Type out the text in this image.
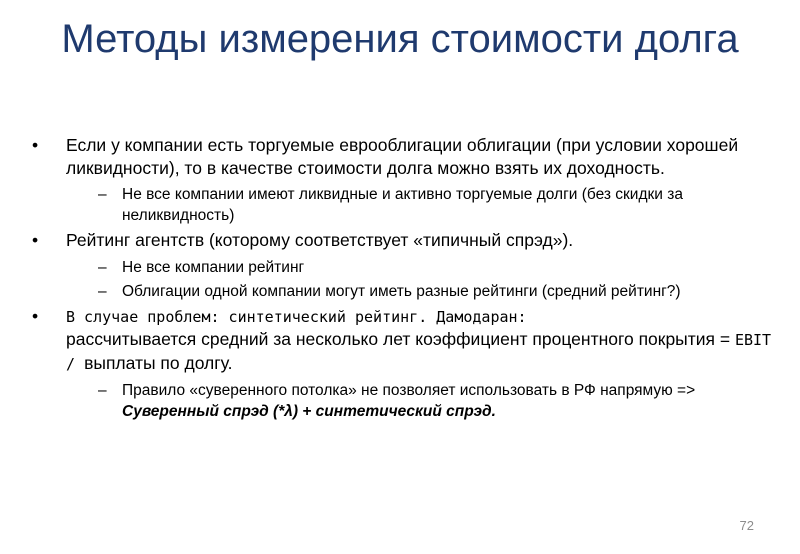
Методы измерения стоимости долга
• Если у компании есть торгуемые еврооблигации облигации (при условии хорошей ликвидности), то в качестве стоимости долга можно взять их доходность.
– Не все компании имеют ликвидные и активно торгуемые долги (без скидки за неликвидность)
• Рейтинг агентств (которому соответствует «типичный спрэд»).
– Не все компании рейтинг
– Облигации одной компании могут иметь разные рейтинги (средний рейтинг?)
• В случае проблем: синтетический рейтинг. Дамодаран:
рассчитывается средний за несколько лет коэффициент процентного покрытия = EBIT / выплаты по долгу.
– Правило «суверенного потолка» не позволяет использовать в РФ напрямую =>
Суверенный спрэд (*λ) + синтетический спрэд.
72
